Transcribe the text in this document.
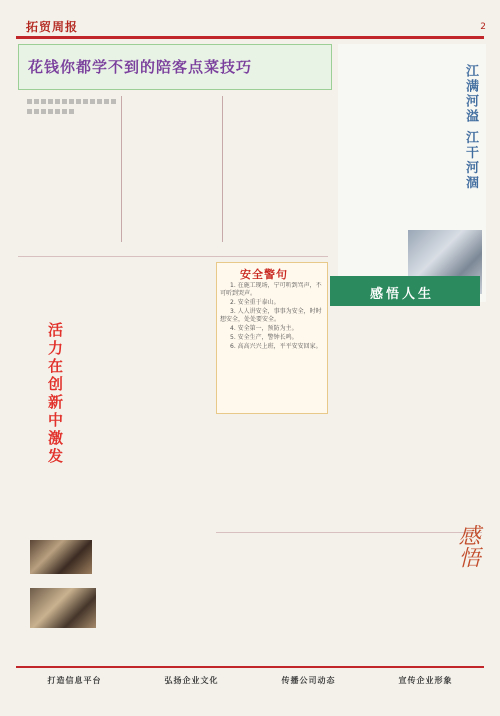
拓贸周报	2
花钱你都学不到的陪客点菜技巧	江满河溢 江干河涸
活力在创新中激发
安全警句

1. 在施工现场，宁可听到骂声，不可听到哭声。

2. 安全重于泰山。

3. 人人讲安全，事事为安全，时时想安全，处处要安全。

4. 安全第一，预防为主。

5. 安全生产，警钟长鸣。

6. 高高兴兴上班，平平安安回家。

感悟人生
感悟
打造信息平台	弘扬企业文化	传播公司动态	宣传企业形象
